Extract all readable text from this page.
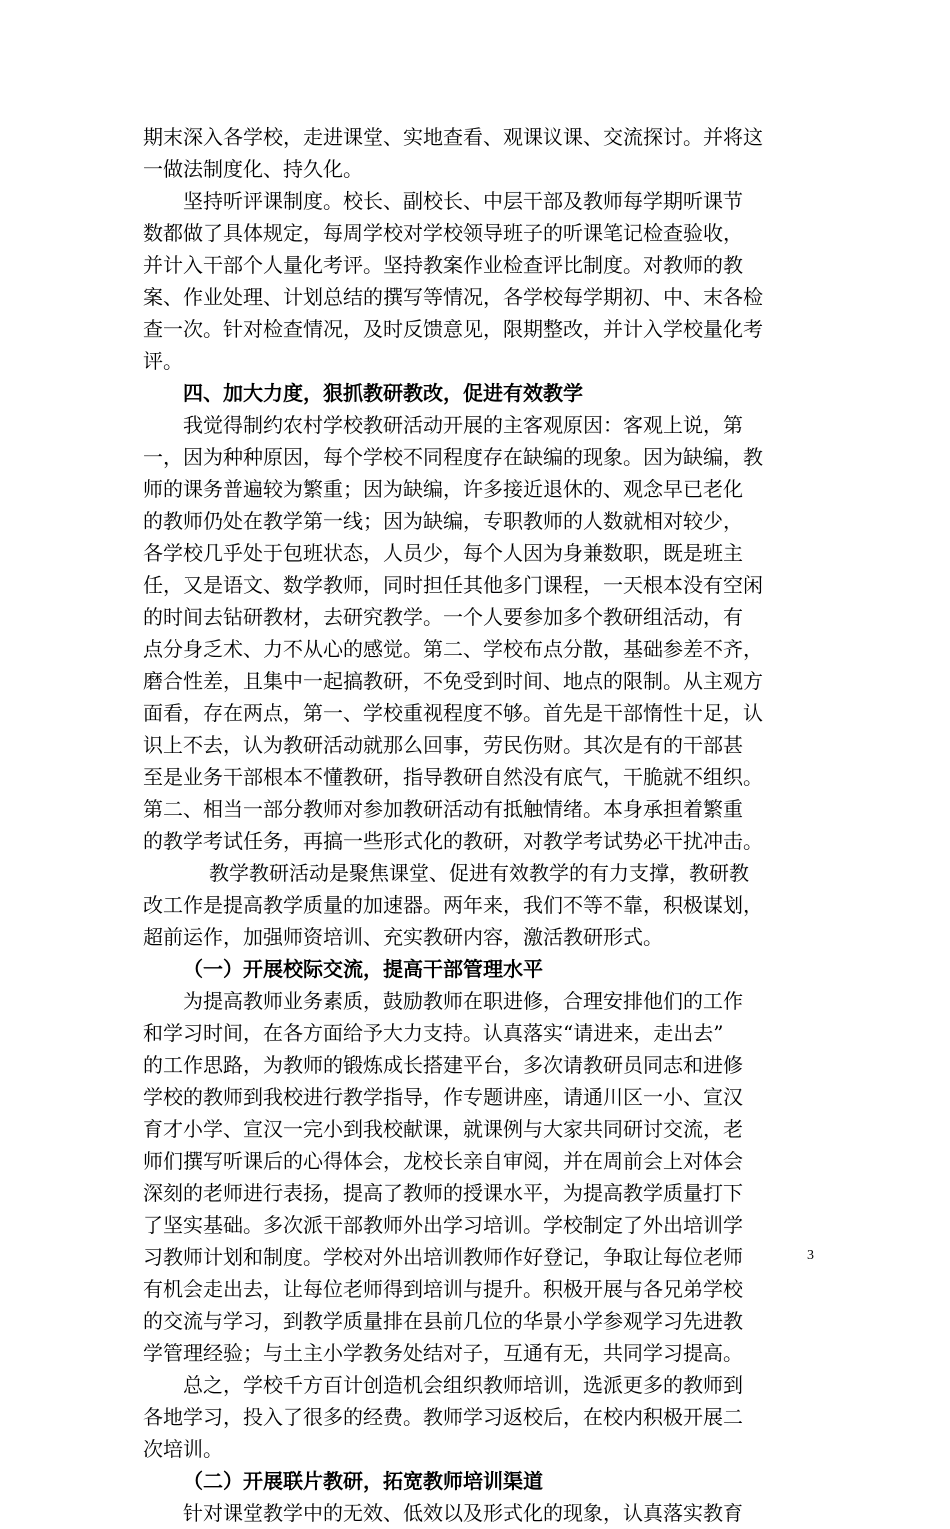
期末深入各学校，走进课堂、实地查看、观课议课、交流探讨。并将这
一做法制度化、持久化。
坚持听评课制度。校长、副校长、中层干部及教师每学期听课节
数都做了具体规定，每周学校对学校领导班子的听课笔记检查验收，
并计入干部个人量化考评。坚持教案作业检查评比制度。对教师的教
案、作业处理、计划总结的撰写等情况，各学校每学期初、中、末各检
查一次。针对检查情况，及时反馈意见，限期整改，并计入学校量化考
评。
四、加大力度，狠抓教研教改，促进有效教学
我觉得制约农村学校教研活动开展的主客观原因：客观上说，第
一，因为种种原因，每个学校不同程度存在缺编的现象。因为缺编，教
师的课务普遍较为繁重；因为缺编，许多接近退休的、观念早已老化
的教师仍处在教学第一线；因为缺编，专职教师的人数就相对较少，
各学校几乎处于包班状态，人员少，每个人因为身兼数职，既是班主
任，又是语文、数学教师，同时担任其他多门课程，一天根本没有空闲
的时间去钻研教材，去研究教学。一个人要参加多个教研组活动，有
点分身乏术、力不从心的感觉。第二、学校布点分散，基础参差不齐，
磨合性差，且集中一起搞教研，不免受到时间、地点的限制。从主观方
面看，存在两点，第一、学校重视程度不够。首先是干部惰性十足，认
识上不去，认为教研活动就那么回事，劳民伤财。其次是有的干部甚
至是业务干部根本不懂教研，指导教研自然没有底气，干脆就不组织。
第二、相当一部分教师对参加教研活动有抵触情绪。本身承担着繁重
的教学考试任务，再搞一些形式化的教研，对教学考试势必干扰冲击。
教学教研活动是聚焦课堂、促进有效教学的有力支撑，教研教
改工作是提高教学质量的加速器。两年来，我们不等不靠，积极谋划，
超前运作，加强师资培训、充实教研内容，激活教研形式。
（一）开展校际交流，提高干部管理水平
为提高教师业务素质，鼓励教师在职进修，合理安排他们的工作
和学习时间，在各方面给予大力支持。认真落实“请进来，走出去”
的工作思路，为教师的锻炼成长搭建平台，多次请教研员同志和进修
学校的教师到我校进行教学指导，作专题讲座，请通川区一小、宣汉
育才小学、宣汉一完小到我校献课，就课例与大家共同研讨交流，老
师们撰写听课后的心得体会，龙校长亲自审阅，并在周前会上对体会
深刻的老师进行表扬，提高了教师的授课水平，为提高教学质量打下
了坚实基础。多次派干部教师外出学习培训。学校制定了外出培训学
习教师计划和制度。学校对外出培训教师作好登记，争取让每位老师
有机会走出去，让每位老师得到培训与提升。积极开展与各兄弟学校
的交流与学习，到教学质量排在县前几位的华景小学参观学习先进教
学管理经验；与土主小学教务处结对子，互通有无，共同学习提高。
总之，学校千方百计创造机会组织教师培训，选派更多的教师到
各地学习，投入了很多的经费。教师学习返校后，在校内积极开展二
次培训。
（二）开展联片教研，拓宽教师培训渠道
针对课堂教学中的无效、低效以及形式化的现象，认真落实教育
3
